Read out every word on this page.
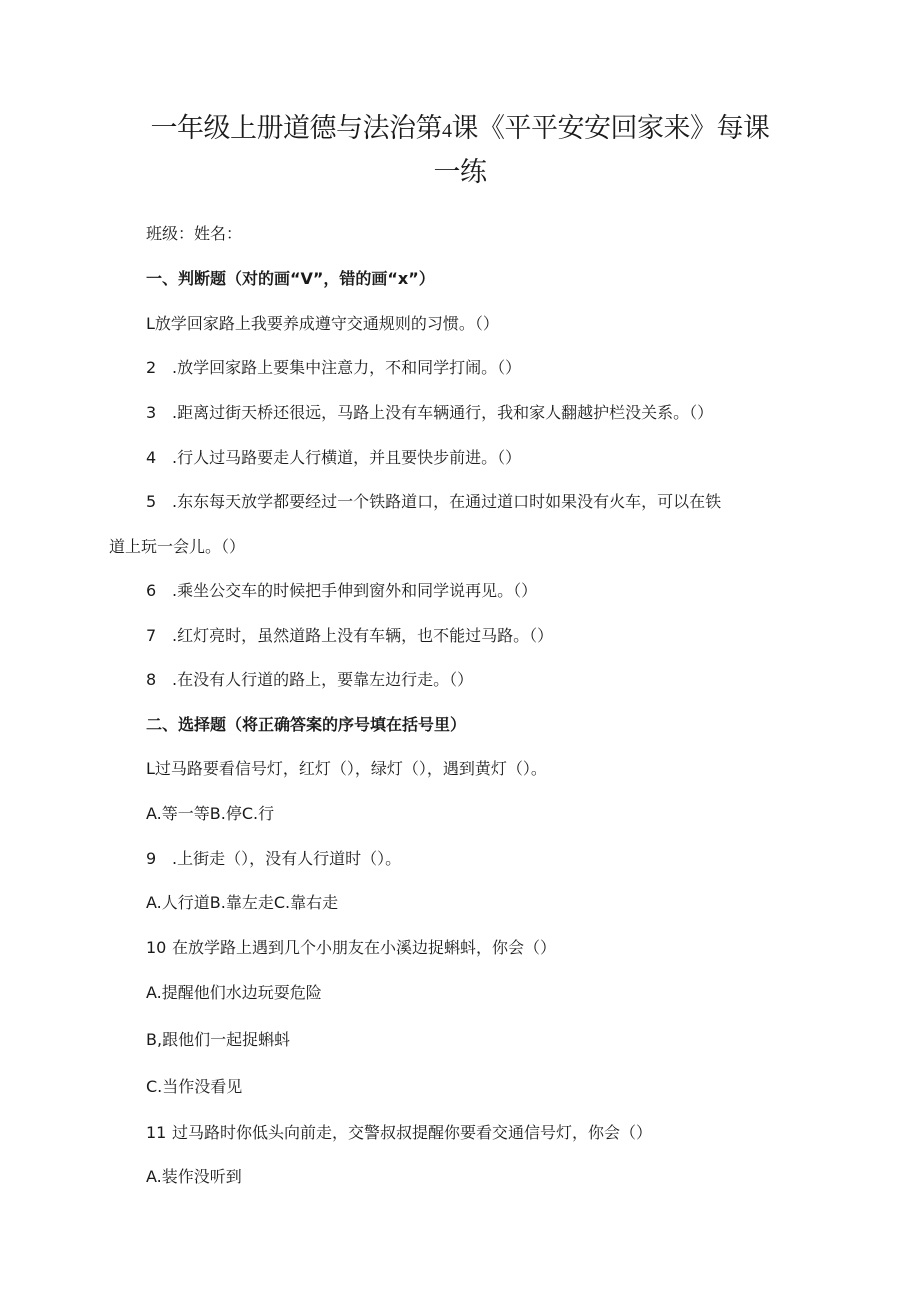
一年级上册道德与法治第4课《平平安安回家来》每课
一练
班级：姓名：
一、判断题（对的画“V”，错的画“x”）
L放学回家路上我要养成遵守交通规则的习惯。（）
2 .放学回家路上要集中注意力，不和同学打闹。（）
3 .距离过街天桥还很远，马路上没有车辆通行，我和家人翻越护栏没关系。（）
4 .行人过马路要走人行横道，并且要快步前进。（）
5 .东东每天放学都要经过一个铁路道口，在通过道口时如果没有火车，可以在铁
道上玩一会儿。（）
6 .乘坐公交车的时候把手伸到窗外和同学说再见。（）
7 .红灯亮时，虽然道路上没有车辆，也不能过马路。（）
8 .在没有人行道的路上，要靠左边行走。（）
二、选择题（将正确答案的序号填在括号里）
L过马路要看信号灯，红灯（），绿灯（），遇到黄灯（）。
A.等一等B.停C.行
9 .上街走（），没有人行道时（）。
A.人行道B.靠左走C.靠右走
10 在放学路上遇到几个小朋友在小溪边捉蝌蚪，你会（）
A.提醒他们水边玩耍危险
B,跟他们一起捉蝌蚪
C.当作没看见
11 过马路时你低头向前走，交警叔叔提醒你要看交通信号灯，你会（）
A.装作没听到
